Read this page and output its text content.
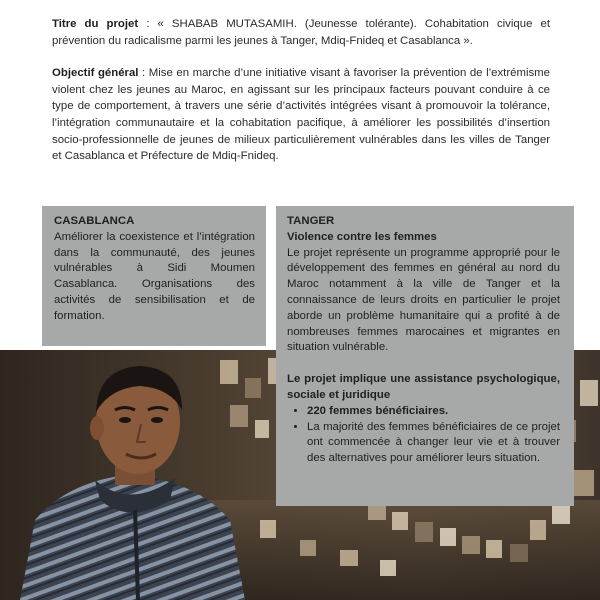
Titre du projet : « SHABAB MUTASAMIH. (Jeunesse tolérante). Cohabitation civique et prévention du radicalisme parmi les jeunes à Tanger, Mdiq-Fnideq et Casablanca ».

Objectif général : Mise en marche d’une initiative visant à favoriser la prévention de l’extrémisme violent chez les jeunes au Maroc, en agissant sur les principaux facteurs pouvant conduire à ce type de comportement, à travers une série d’activités intégrées visant à promouvoir la tolérance, l’intégration communautaire et la cohabitation pacifique, à améliorer les possibilités d’insertion socio-professionnelle de jeunes de milieux particulièrement vulnérables dans les villes de Tanger et Casablanca et Préfecture de Mdiq-Fnideq.

CASABLANCA

Améliorer la coexistence et l’intégration dans la communauté, des jeunes vulnérables à Sidi Moumen Casablanca. Organisations des activités de sensibilisation et de formation.

TANGER
Violence contre les femmes

Le projet représente un programme approprié pour le développement des femmes en général au nord du Maroc notamment à la ville de Tanger et la connaissance de leurs droits en particulier le projet aborde un problème humanitaire qui a profité à de nombreuses femmes marocaines et migrantes en situation vulnérable.

Le projet implique une assistance psychologique, sociale et juridique
• 220 femmes bénéficiaires.
• La majorité des femmes bénéficiaires de ce projet ont commencée à changer leur vie et à trouver des alternatives pour améliorer leurs situation.
